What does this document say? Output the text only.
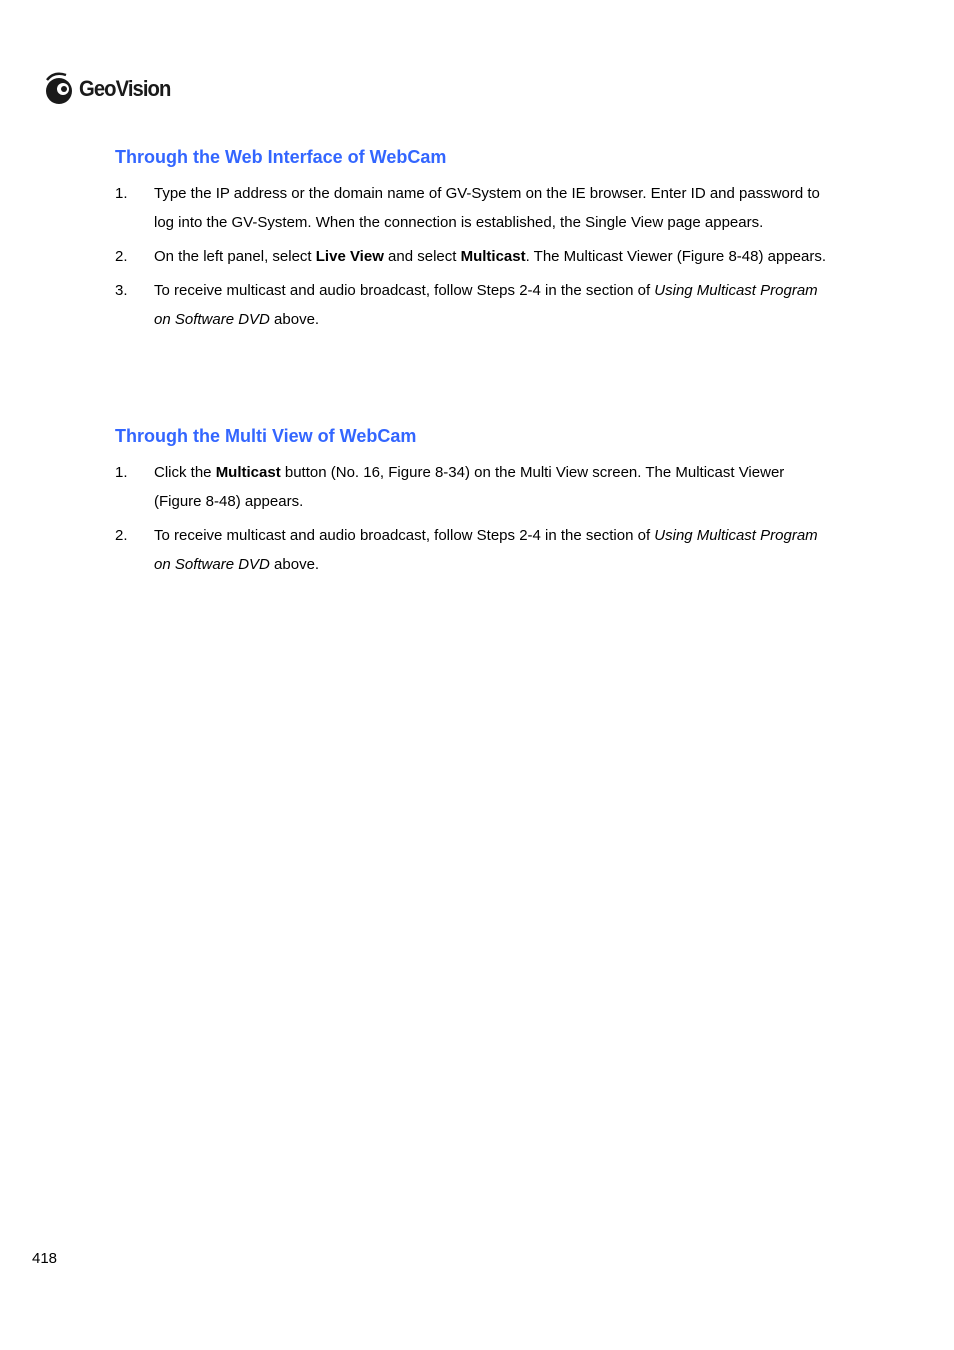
GeoVision
Through the Web Interface of WebCam
1. Type the IP address or the domain name of GV-System on the IE browser. Enter ID and password to log into the GV-System. When the connection is established, the Single View page appears.
2. On the left panel, select Live View and select Multicast. The Multicast Viewer (Figure 8-48) appears.
3. To receive multicast and audio broadcast, follow Steps 2-4 in the section of Using Multicast Program on Software DVD above.
Through the Multi View of WebCam
1. Click the Multicast button (No. 16, Figure 8-34) on the Multi View screen. The Multicast Viewer (Figure 8-48) appears.
2. To receive multicast and audio broadcast, follow Steps 2-4 in the section of Using Multicast Program on Software DVD above.
418
